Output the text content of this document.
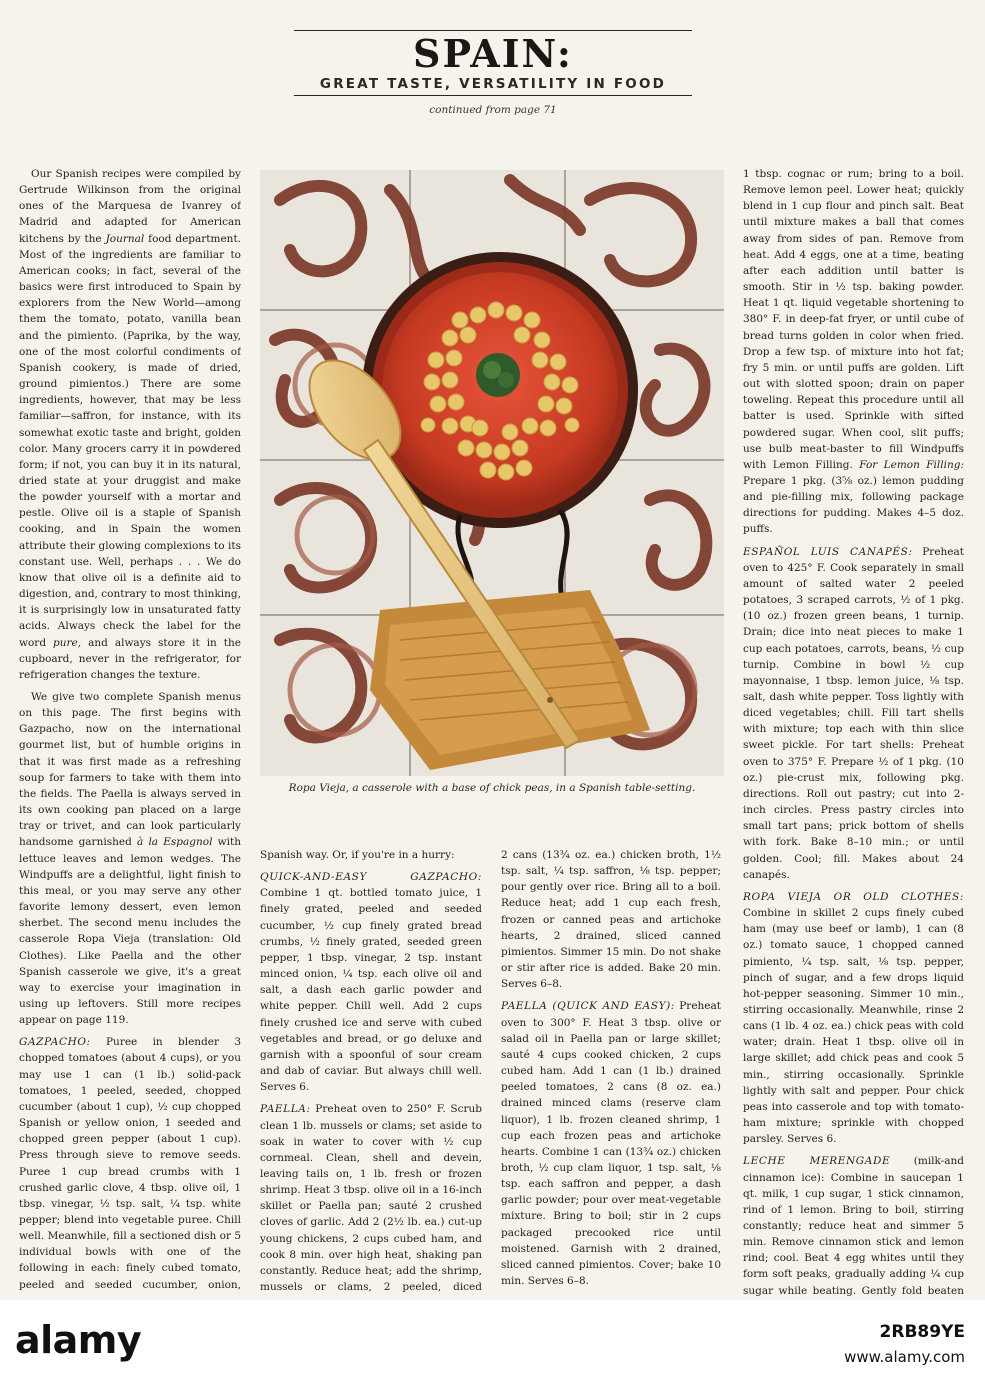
SPAIN:
GREAT TASTE, VERSATILITY IN FOOD
continued from page 71

Our Spanish recipes were compiled by Gertrude Wilkinson from the original ones of the Marquesa de Ivanrey of Madrid and adapted for American kitchens by the Journal food department. Most of the ingredients are familiar to American cooks; in fact, several of the basics were first introduced to Spain by explorers from the New World—among them the tomato, potato, vanilla bean and the pimiento. (Paprika, by the way, one of the most colorful condiments of Spanish cookery, is made of dried, ground pimientos.) There are some ingredients, however, that may be less familiar—saffron, for instance, with its somewhat exotic taste and bright, golden color. Many grocers carry it in powdered form; if not, you can buy it in its natural, dried state at your druggist and make the powder yourself with a mortar and pestle. Olive oil is a staple of Spanish cooking, and in Spain the women attribute their glowing complexions to its constant use. Well, perhaps . . . We do know that olive oil is a definite aid to digestion, and, contrary to most thinking, it is surprisingly low in unsaturated fatty acids. Always check the label for the word pure, and always store it in the cupboard, never in the refrigerator, for refrigeration changes the texture.

We give two complete Spanish menus on this page. The first begins with Gazpacho, now on the international gourmet list, but of humble origins in that it was first made as a refreshing soup for farmers to take with them into the fields. The Paella is always served in its own cooking pan placed on a large tray or trivet, and can look particularly handsome garnished à la Espagnol with lettuce leaves and lemon wedges. The Windpuffs are a delightful, light finish to this meal, or you may serve any other favorite lemony dessert, even lemon sherbet. The second menu includes the casserole Ropa Vieja (translation: Old Clothes). Like Paella and the other Spanish casserole we give, it's a great way to exercise your imagination in using up leftovers. Still more recipes appear on page 119.

GAZPACHO: Puree in blender 3 chopped tomatoes (about 4 cups), or you may use 1 can (1 lb.) solid-pack tomatoes, 1 peeled, seeded, chopped cucumber (about 1 cup), ½ cup chopped Spanish or yellow onion, 1 seeded and chopped green pepper (about 1 cup). Press through sieve to remove seeds. Puree 1 cup bread crumbs with 1 crushed garlic clove, 4 tbsp. olive oil, 1 tbsp. vinegar, ½ tsp. salt, ¼ tsp. white pepper; blend into vegetable puree. Chill well. Meanwhile, fill a sectioned dish or 5 individual bowls with one of the following in each: finely cubed tomato, peeled and seeded cucumber, onion,

Ropa Vieja, a casserole with a base of chick peas, in a Spanish table-setting.

Spanish way. Or, if you're in a hurry:

QUICK-AND-EASY GAZPACHO: Combine 1 qt. bottled tomato juice, 1 finely grated, peeled and seeded cucumber, ½ cup finely grated bread crumbs, ½ finely grated, seeded green pepper, 1 tbsp. vinegar, 2 tsp. instant minced onion, ¼ tsp. each olive oil and salt, a dash each garlic powder and white pepper. Chill well. Add 2 cups finely crushed ice and serve with cubed vegetables and bread, or go deluxe and garnish with a spoonful of sour cream and dab of caviar. But always chill well. Serves 6.

PAELLA: Preheat oven to 250° F. Scrub clean 1 lb. mussels or clams; set aside to soak in water to cover with ½ cup cornmeal. Clean, shell and devein, leaving tails on, 1 lb. fresh or frozen shrimp. Heat 3 tbsp. olive oil in a 16-inch skillet or Paella pan; sauté 2 crushed cloves of garlic. Add 2 (2½ lb. ea.) cut-up young chickens, 2 cups cubed ham, and cook 8 min. over high heat, shaking pan constantly. Reduce heat; add the shrimp, mussels or clams, 2 peeled, diced

2 cans (13¾ oz. ea.) chicken broth, 1½ tsp. salt, ¼ tsp. saffron, ⅛ tsp. pepper; pour gently over rice. Bring all to a boil. Reduce heat; add 1 cup each fresh, frozen or canned peas and artichoke hearts, 2 drained, sliced canned pimientos. Simmer 15 min. Do not shake or stir after rice is added. Bake 20 min. Serves 6–8.

PAELLA (QUICK AND EASY): Preheat oven to 300° F. Heat 3 tbsp. olive or salad oil in Paella pan or large skillet; sauté 4 cups cooked chicken, 2 cups cubed ham. Add 1 can (1 lb.) drained peeled tomatoes, 2 cans (8 oz. ea.) drained minced clams (reserve clam liquor), 1 lb. frozen cleaned shrimp, 1 cup each frozen peas and artichoke hearts. Combine 1 can (13¾ oz.) chicken broth, ½ cup clam liquor, 1 tsp. salt, ⅛ tsp. each saffron and pepper, a dash garlic powder; pour over meat-vegetable mixture. Bring to boil; stir in 2 cups packaged precooked rice until moistened. Garnish with 2 drained, sliced canned pimientos. Cover; bake 10 min. Serves 6–8.

1 tbsp. cognac or rum; bring to a boil. Remove lemon peel. Lower heat; quickly blend in 1 cup flour and pinch salt. Beat until mixture makes a ball that comes away from sides of pan. Remove from heat. Add 4 eggs, one at a time, beating after each addition until batter is smooth. Stir in ½ tsp. baking powder. Heat 1 qt. liquid vegetable shortening to 380° F. in deep-fat fryer, or until cube of bread turns golden in color when fried. Drop a few tsp. of mixture into hot fat; fry 5 min. or until puffs are golden. Lift out with slotted spoon; drain on paper toweling. Repeat this procedure until all batter is used. Sprinkle with sifted powdered sugar. When cool, slit puffs; use bulb meat-baster to fill Windpuffs with Lemon Filling. For Lemon Filling: Prepare 1 pkg. (3⅝ oz.) lemon pudding and pie-filling mix, following package directions for pudding. Makes 4–5 doz. puffs.

ESPAÑOL LUIS CANAPÉS: Preheat oven to 425° F. Cook separately in small amount of salted water 2 peeled potatoes, 3 scraped carrots, ½ of 1 pkg. (10 oz.) frozen green beans, 1 turnip. Drain; dice into neat pieces to make 1 cup each potatoes, carrots, beans, ½ cup turnip. Combine in bowl ½ cup mayonnaise, 1 tbsp. lemon juice, ⅛ tsp. salt, dash white pepper. Toss lightly with diced vegetables; chill. Fill tart shells with mixture; top each with thin slice sweet pickle. For tart shells: Preheat oven to 375° F. Prepare ½ of 1 pkg. (10 oz.) pie-crust mix, following pkg. directions. Roll out pastry; cut into 2-inch circles. Press pastry circles into small tart pans; prick bottom of shells with fork. Bake 8–10 min.; or until golden. Cool; fill. Makes about 24 canapés.

ROPA VIEJA OR OLD CLOTHES: Combine in skillet 2 cups finely cubed ham (may use beef or lamb), 1 can (8 oz.) tomato sauce, 1 chopped canned pimiento, ¼ tsp. salt, ⅛ tsp. pepper, pinch of sugar, and a few drops liquid hot-pepper seasoning. Simmer 10 min., stirring occasionally. Meanwhile, rinse 2 cans (1 lb. 4 oz. ea.) chick peas with cold water; drain. Heat 1 tbsp. olive oil in large skillet; add chick peas and cook 5 min., stirring occasionally. Sprinkle lightly with salt and pepper. Pour chick peas into casserole and top with tomato-ham mixture; sprinkle with chopped parsley. Serves 6.

LECHE MERENGADE (milk-and cinnamon ice): Combine in saucepan 1 qt. milk, 1 cup sugar, 1 stick cinnamon, rind of 1 lemon. Bring to boil, stirring constantly; reduce heat and simmer 5 min. Remove cinnamon stick and lemon rind; cool. Beat 4 egg whites until they form soft peaks, gradually adding ¼ cup sugar while beating. Gently fold beaten

alamy	2RB89YE
www.alamy.com
